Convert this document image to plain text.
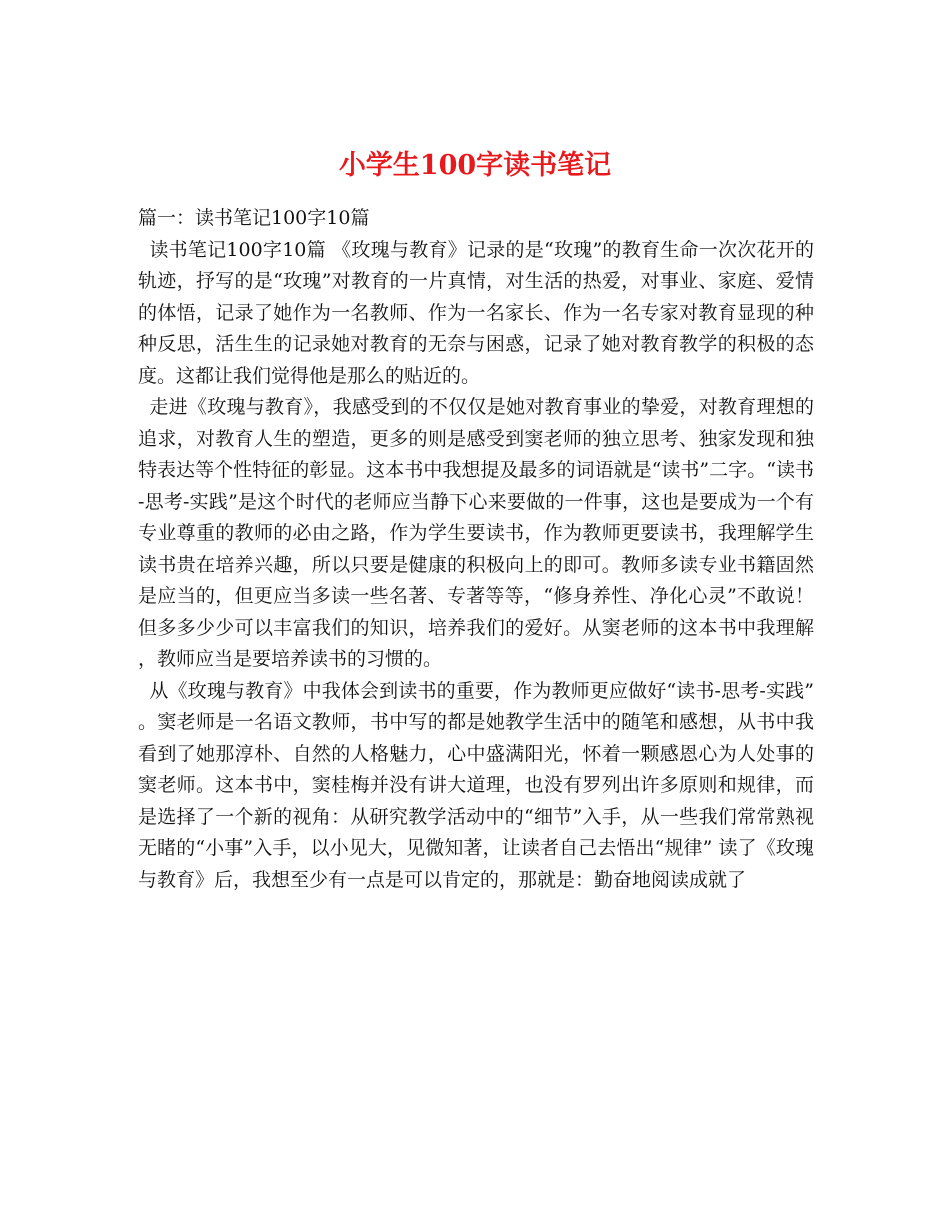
小学生100字读书笔记

篇一：读书笔记100字10篇

读书笔记100字10篇 《玫瑰与教育》记录的是“玫瑰”的教育生命一次次花开的轨迹，抒写的是“玫瑰”对教育的一片真情，对生活的热爱，对事业、家庭、爱情的体悟，记录了她作为一名教师、作为一名家长、作为一名专家对教育显现的种种反思，活生生的记录她对教育的无奈与困惑，记录了她对教育教学的积极的态度。这都让我们觉得他是那么的贴近的。

走进《玫瑰与教育》，我感受到的不仅仅是她对教育事业的挚爱，对教育理想的追求，对教育人生的塑造，更多的则是感受到窦老师的独立思考、独家发现和独特表达等个性特征的彰显。这本书中我想提及最多的词语就是“读书”二字。“读书-思考-实践”是这个时代的老师应当静下心来要做的一件事，这也是要成为一个有专业尊重的教师的必由之路，作为学生要读书，作为教师更要读书，我理解学生读书贵在培养兴趣，所以只要是健康的积极向上的即可。教师多读专业书籍固然是应当的，但更应当多读一些名著、专著等等，“修身养性、净化心灵”不敢说！但多多少少可以丰富我们的知识，培养我们的爱好。从窦老师的这本书中我理解，教师应当是要培养读书的习惯的。

从《玫瑰与教育》中我体会到读书的重要，作为教师更应做好“读书-思考-实践”。窦老师是一名语文教师，书中写的都是她教学生活中的随笔和感想，从书中我看到了她那淳朴、自然的人格魅力，心中盛满阳光，怀着一颗感恩心为人处事的窦老师。这本书中，窦桂梅并没有讲大道理，也没有罗列出许多原则和规律，而是选择了一个新的视角：从研究教学活动中的“细节”入手，从一些我们常常熟视无睹的“小事”入手，以小见大，见微知著，让读者自己去悟出“规律” 读了《玫瑰与教育》后，我想至少有一点是可以肯定的，那就是：勤奋地阅读成就了
